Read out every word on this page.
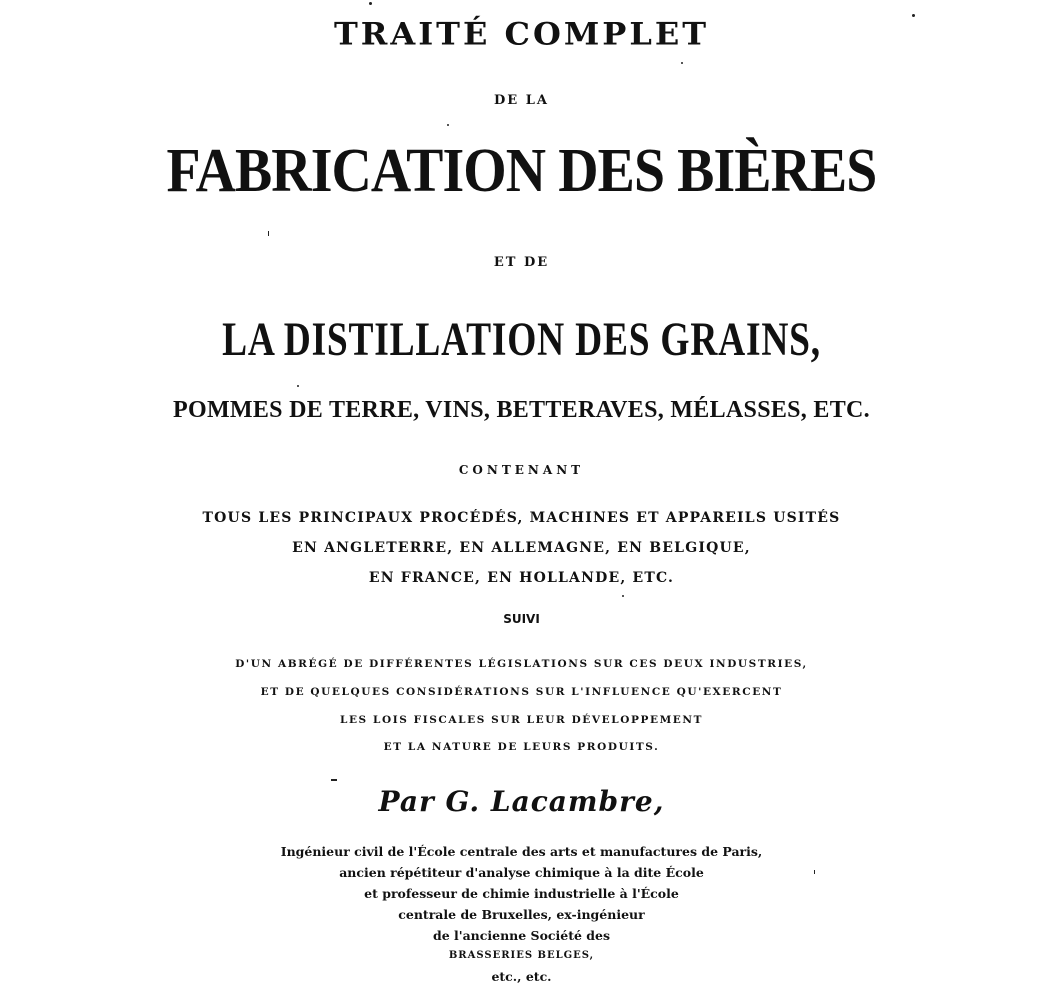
TRAITÉ COMPLET
DE LA
FABRICATION DES BIÈRES
ET DE
LA DISTILLATION DES GRAINS,
POMMES DE TERRE, VINS, BETTERAVES, MÉLASSES, ETC.
CONTENANT
TOUS LES PRINCIPAUX PROCÉDÉS, MACHINES ET APPAREILS USITÉS
EN ANGLETERRE, EN ALLEMAGNE, EN BELGIQUE,
EN FRANCE, EN HOLLANDE, ETC.
SUIVI
D'UN ABRÉGÉ DE DIFFÉRENTES LÉGISLATIONS SUR CES DEUX INDUSTRIES,
ET DE QUELQUES CONSIDÉRATIONS SUR L'INFLUENCE QU'EXERCENT
LES LOIS FISCALES SUR LEUR DÉVELOPPEMENT
ET LA NATURE DE LEURS PRODUITS.
Par G. Lacambre,
Ingénieur civil de l'École centrale des arts et manufactures de Paris,
ancien répétiteur d'analyse chimique à la dite École
et professeur de chimie industrielle à l'École
centrale de Bruxelles, ex-ingénieur
de l'ancienne Société des
BRASSERIES BELGES,
etc., etc.
